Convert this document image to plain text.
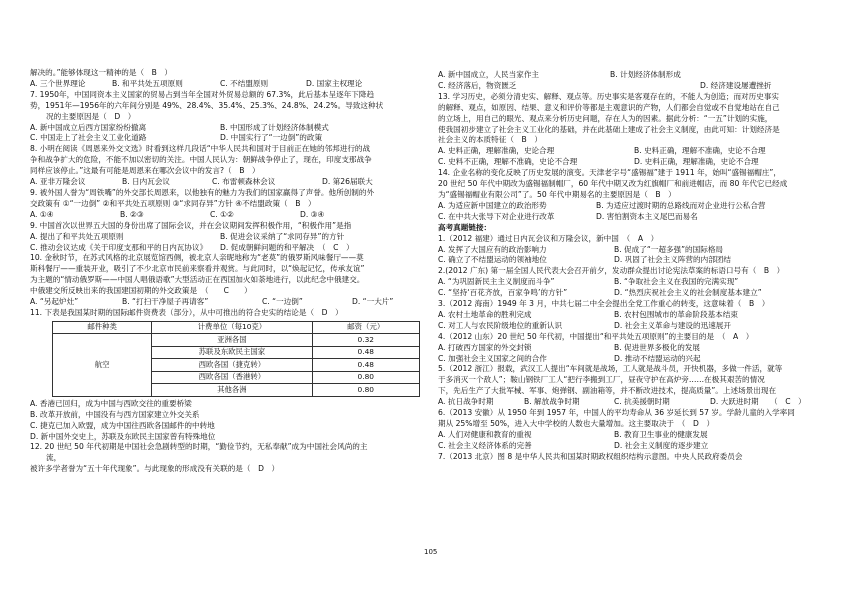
解决的。”能够体现这一精神的是（　B　）
A. 三个世界理论	B. 和平共处五项原则	C. 不结盟原则	D. 国家主权理论
7. 1950年，中国同资本主义国家的贸易占到当年全国对外贸易总额的 67.3%，此后基本呈逐年下降趋
势，1951年—1956年的六年间分别是 49%、28.4%、35.4%、25.3%、24.8%、24.2%。导致这种状
况的主要原因是（　D　）
A. 新中国成立后西方国家纷纷撤离	B. 中国形成了计划经济体制模式
C. 中国走上了社会主义工业化道路	D. 中国实行了“一边倒”的政策
8. 小明在阅读《周恩来外交文选》时看到这样几段话“中华人民共和国对于目前正在她的邻邦进行的战
争和战争扩大的危险，不能不加以密切的关注。中国人民认为：朝鲜战争停止了，现在，印度支那战争
同样应该停止。”这最有可能是周恩来在哪次会议中的发言?（　B　）
A. 亚非万隆会议	B. 日内瓦会议	C. 布雷顿森林会议	D. 第26届联大
9. 被外国人誉为“周铁嘴”的外交部长周恩来，以他独有的魅力为我们的国家赢得了声誉。他所创制的外
交政策有 ①“一边倒” ②和平共处五项原则 ③“求同存异”方针 ④不结盟政策（　B　）
A. ①④	B. ②③	C. ①②	D. ③④
9. 中国首次以世界五大国的身份出席了国际会议，并在会议期间发挥积极作用，“积极作用”是指
A. 提出了和平共处五项原则	B. 促进会议采纳了“求同存异”的方针
C. 推动会议达成《关于印度支那和平的日内瓦协议》	D. 促成朝鲜问题的和平解决　（　C　）
10. 金秋时节，在苏式风格的北京展览馆西侧，被北京人亲昵地称为“老莫”的俄罗斯风味餐厅——莫
斯科餐厅——重装开业，吸引了不少北京市民前来察看并观赏。与此同时，以“焕起记忆，传承友谊”
为主题的“情动俄罗斯——中国人唱俄语歌”大型活动正在西国加火如荼地进行，以此纪念中俄建交。
中俄建交所反映出来的我国建国初期的外交政策是　（　　C　　）
A. “另起炉灶”	B. “打扫干净屋子再请客”	C. “一边倒”	D. “一大片”
11. 下表是我国某时期的国际邮件资费表（部分），从中可推出的符合史实的结论是（　D　）
邮件种类	计费单位（每10克）	邮资（元）
航空	亚洲各国	0.32
	苏联及东欧民主国家	0.48
	西欧各国（捷克转）	0.48
	西欧各国（香港转）	0.80
	其他各洲	0.80
A. 香港已回归，成为中国与西欧交往的重要桥梁
B. 改革开放前，中国没有与西方国家建立外交关系
C. 捷克已加入欧盟，成为中国往西欧各国邮件的中转地
D. 新中国外交史上，苏联及东欧民主国家曾有特殊地位
12. 20 世纪 50 年代初期是中国社会急剧转型的时期，“勤俭节约，无私奉献”成为中国社会风尚的主
流，
被许多学者誉为“五十年代现象”。与此现象的形成没有关联的是（　D　）
A. 新中国成立，人民当家作主	B. 计划经济体制形成
C. 经济落后，物资匮乏	D. 经济建设屡遭挫折
13. 学习历史，必须分清史实、解释、观点等。历史事实是客观存在的，不能人为创造；而对历史事实
的解释、观点，如原因、结果、意义和评价等都是主观意识的产物，人们都会自觉或不自觉地站在自己
的立场上，用自己的眼光、观点来分析历史问题，存在人为的因素。据此分析：“一五”计划的实施，
使我国初步建立了社会主义工业化的基础，并在此基础上建成了社会主义制度，由此可知：计划经济是
社会主义的本质特征（　B　）
A. 史料正确，理解准确，史论合理	B. 史料正确，理解不准确，史论不合理
C. 史料不正确，理解不准确，史论不合理	D. 史料正确，理解准确，史论不合理
14. 企业名称的变化反映了历史发展的演变。天津老字号“盛锡福”建于 1911 年，始叫“盛锡福帽庄”，
20 世纪 50 年代中期改为盛锡福制帽厂，60 年代中期又改为红旗帽厂和前进帽店，而 80 年代它已经成
为“盛锡福帽业有限公司”了。50 年代中期易名的主要原因是（　B　）
A. 为适应新中国建立的政治形势	B. 为适应过渡时期的总路线而对企业进行公私合营
C. 在中共大张导下对企业进行改革	D. 害怕割资本主义尾巴而易名
高考真题链接：
1.（2012 福建）通过日内瓦会议和万隆会议，新中国　（　A　）
A. 发挥了大国应有的政治影响力	B. 促成了“一超多强”的国际格局
C. 确立了不结盟运动的领袖地位	D. 巩固了社会主义阵营的内部团结
2.(2012 广东) 第一届全国人民代表大会召开前夕，发动群众提出讨论宪法草案的标语口号有（　B　）
A. “为巩固新民主主义制度而斗争”	B. “争取社会主义在我国的完满实现”
C. “坚持‘百花齐放，百家争鸣’的方针”	D. “热烈庆祝社会主义的社会制度基本建立”
3.（2012 海南）1949 年 3 月，中共七届二中全会提出全党工作重心的转变，这意味着（　B　）
A. 农村土地革命的胜利完成	B. 农村包围城市的革命阶段基本结束
C. 对工人与农民阶级地位的重新认识	D. 社会主义革命与建设的迅速展开
4.（2012 山东）20 世纪 50 年代初，中国提出“和平共处五项原则”的主要目的是　（　A　）
A. 打破西方国家的外交封锁	B. 促进世界多极化的发展
C. 加强社会主义国家之间的合作	D. 推动不结盟运动的兴起
5.（2012 浙江）报载，武汉工人提出“车间就是战场，工人就是战斗员，开快机器，多做一件活，就等
于多消灭一个敌人”；鞍山钢铁厂工人“把行李搬到工厂，昼夜守护在高炉旁……在极其艰苦的情况
下，先后生产了大批军械、军事、炮弹钢、副油箱等，并不断改进技术，提高质量”。上述场景出现在
A. 抗日战争时期	B. 解放战争时期	C. 抗美援朝时期	D. 大跃进时期　　（　C　）
6.（2013 安徽）从 1950 年到 1957 年，中国人的平均寿命从 36 岁延长到 57 岁。学龄儿童的入学率同
期从 25%增至 50%，进入大中学校的人数也大量增加。这主要取决于　（　D　）
A. 人们对健康和教育的重视	B. 教育卫生事业的健康发展
C. 社会主义经济体系的完善	D. 社会主义制度的逐步建立
7.（2013 北京）图 8 是中华人民共和国某时期政权组织结构示意图。中央人民政府委员会
105
